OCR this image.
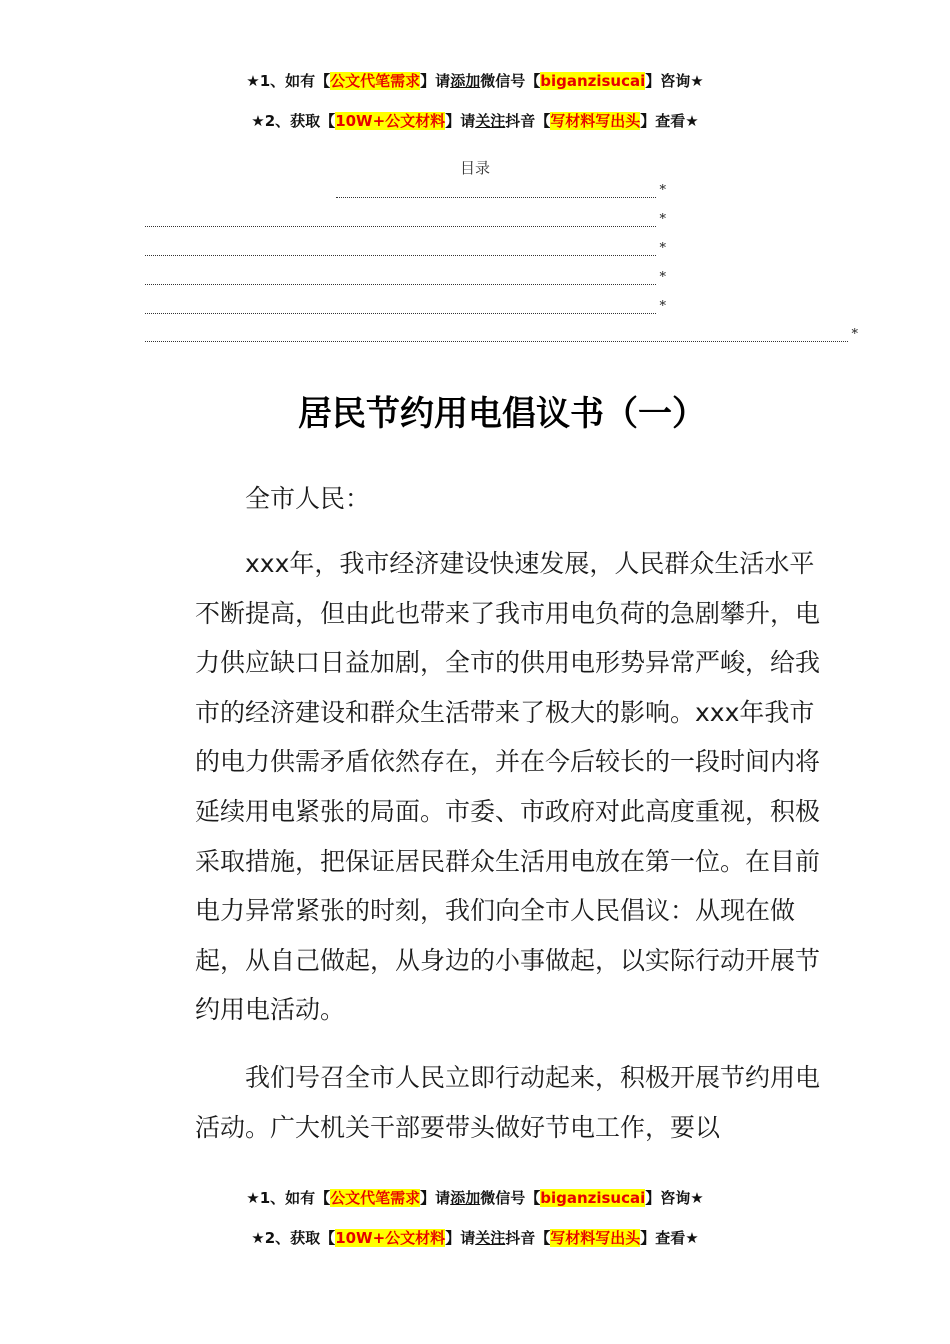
★1、如有【公文代笔需求】请添加微信号【biganzisucai】咨询★
★2、获取【10W+公文材料】请关注抖音【写材料写出头】查看★
目录
*
*
*
*
*
*
居民节约用电倡议书（一）

全市人民：

xxx年，我市经济建设快速发展，人民群众生活水平不断提高，但由此也带来了我市用电负荷的急剧攀升，电力供应缺口日益加剧，全市的供用电形势异常严峻，给我市的经济建设和群众生活带来了极大的影响。xxx年我市的电力供需矛盾依然存在，并在今后较长的一段时间内将延续用电紧张的局面。市委、市政府对此高度重视，积极采取措施，把保证居民群众生活用电放在第一位。在目前电力异常紧张的时刻，我们向全市人民倡议：从现在做起，从自己做起，从身边的小事做起，以实际行动开展节约用电活动。

我们号召全市人民立即行动起来，积极开展节约用电活动。广大机关干部要带头做好节电工作，要以

★1、如有【公文代笔需求】请添加微信号【biganzisucai】咨询★
★2、获取【10W+公文材料】请关注抖音【写材料写出头】查看★
